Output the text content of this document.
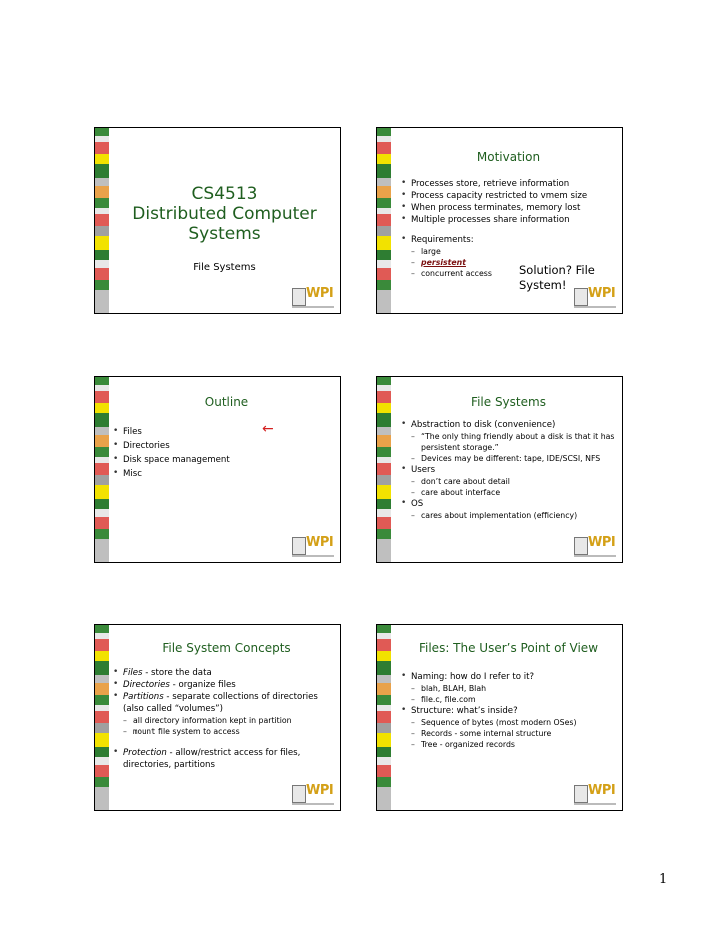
CS4513
Distributed Computer
Systems
File Systems
WPI
Motivation
• Processes store, retrieve information
• Process capacity restricted to vmem size
• When process terminates, memory lost
• Multiple processes share information
• Requirements:
– large
– persistent
– concurrent access	Solution? File
System!
WPI
Outline
• Files
• Directories
• Disk space management
• Misc
←
WPI
File Systems
• Abstraction to disk (convenience)
– “The only thing friendly about a disk is that it has persistent storage.”
– Devices may be different: tape, IDE/SCSI, NFS
• Users
– don’t care about detail
– care about interface
• OS
– cares about implementation (efficiency)
WPI
File System Concepts
• Files - store the data
• Directories - organize files
• Partitions - separate collections of directories (also called “volumes”)
– all directory information kept in partition
– mount file system to access
• Protection - allow/restrict access for files, directories, partitions
WPI
Files: The User’s Point of View
• Naming: how do I refer to it?
– blah, BLAH, Blah
– file.c, file.com
• Structure: what’s inside?
– Sequence of bytes (most modern OSes)
– Records - some internal structure
– Tree - organized records
WPI
1
